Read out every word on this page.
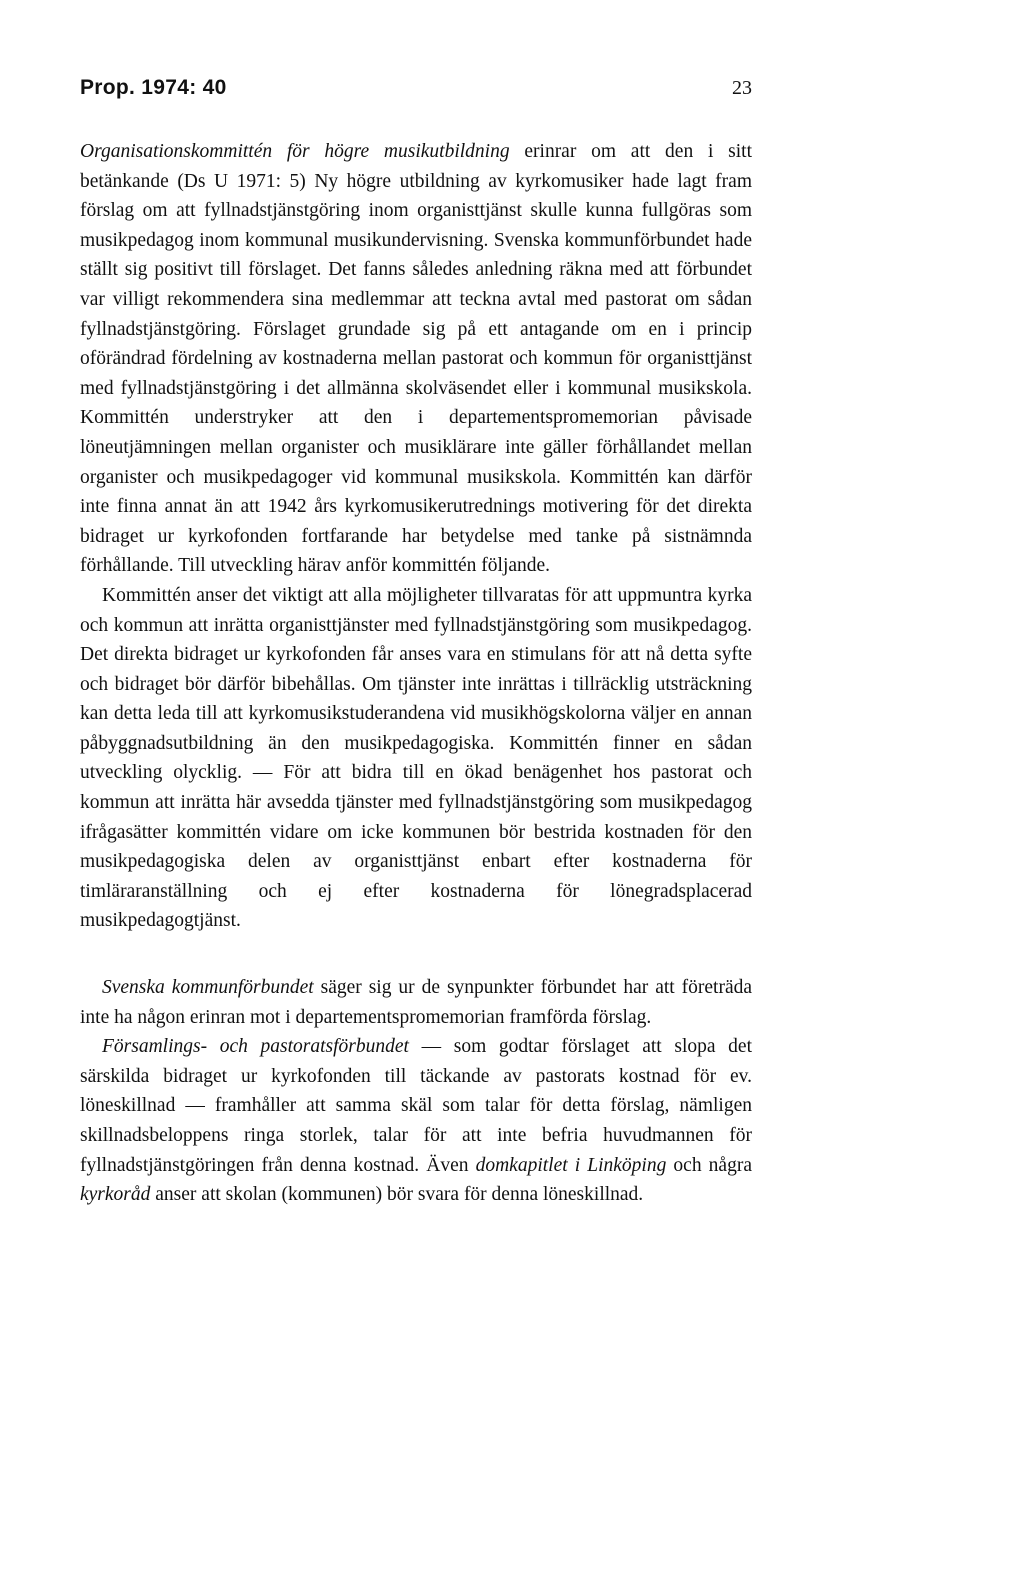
Prop. 1974: 40	23

Organisationskommittén för högre musikutbildning erinrar om att den i sitt betänkande (Ds U 1971: 5) Ny högre utbildning av kyrkomusiker hade lagt fram förslag om att fyllnadstjänstgöring inom organisttjänst skulle kunna fullgöras som musikpedagog inom kommunal musikundervisning. Svenska kommunförbundet hade ställt sig positivt till förslaget. Det fanns således anledning räkna med att förbundet var villigt rekommendera sina medlemmar att teckna avtal med pastorat om sådan fyllnadstjänstgöring. Förslaget grundade sig på ett antagande om en i princip oförändrad fördelning av kostnaderna mellan pastorat och kommun för organisttjänst med fyllnadstjänstgöring i det allmänna skolväsendet eller i kommunal musikskola. Kommittén understryker att den i departementspromemorian påvisade löneutjämningen mellan organister och musiklärare inte gäller förhållandet mellan organister och musikpedagoger vid kommunal musikskola. Kommittén kan därför inte finna annat än att 1942 års kyrkomusikerutrednings motivering för det direkta bidraget ur kyrkofonden fortfarande har betydelse med tanke på sistnämnda förhållande. Till utveckling härav anför kommittén följande.

Kommittén anser det viktigt att alla möjligheter tillvaratas för att uppmuntra kyrka och kommun att inrätta organisttjänster med fyllnadstjänstgöring som musikpedagog. Det direkta bidraget ur kyrkofonden får anses vara en stimulans för att nå detta syfte och bidraget bör därför bibehållas. Om tjänster inte inrättas i tillräcklig utsträckning kan detta leda till att kyrkomusikstuderandena vid musikhögskolorna väljer en annan påbyggnadsutbildning än den musikpedagogiska. Kommittén finner en sådan utveckling olycklig. — För att bidra till en ökad benägenhet hos pastorat och kommun att inrätta här avsedda tjänster med fyllnadstjänstgöring som musikpedagog ifrågasätter kommittén vidare om icke kommunen bör bestrida kostnaden för den musikpedagogiska delen av organisttjänst enbart efter kostnaderna för timläraranställning och ej efter kostnaderna för lönegradsplacerad musikpedagogtjänst.

Svenska kommunförbundet säger sig ur de synpunkter förbundet har att företräda inte ha någon erinran mot i departementspromemorian framförda förslag.

Församlings- och pastoratsförbundet — som godtar förslaget att slopa det särskilda bidraget ur kyrkofonden till täckande av pastorats kostnad för ev. löneskillnad — framhåller att samma skäl som talar för detta förslag, nämligen skillnadsbeloppens ringa storlek, talar för att inte befria huvudmannen för fyllnadstjänstgöringen från denna kostnad. Även domkapitlet i Linköping och några kyrkoråd anser att skolan (kommunen) bör svara för denna löneskillnad.
